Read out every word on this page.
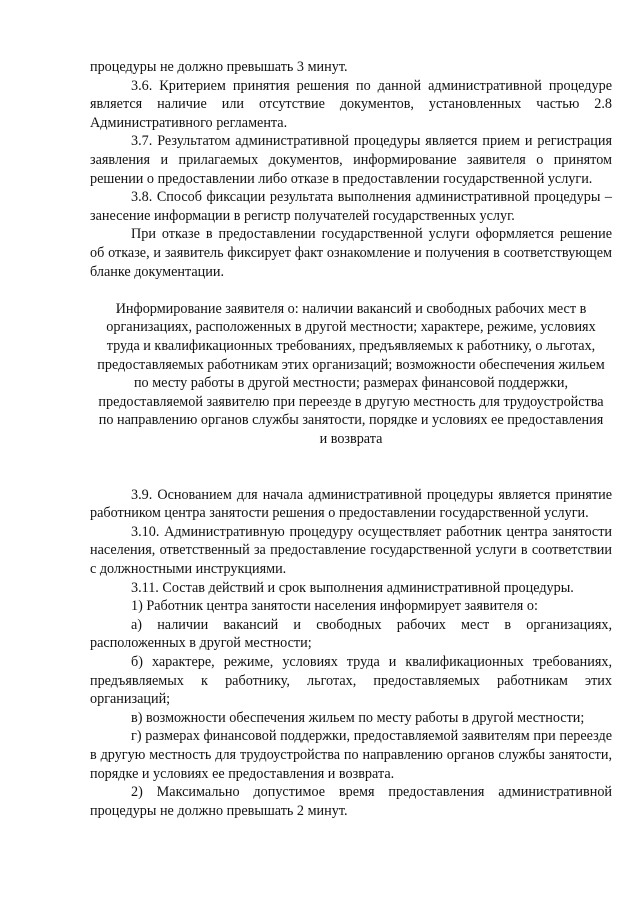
процедуры не должно превышать 3 минут.

3.6. Критерием принятия решения по данной административной процедуре является наличие или отсутствие документов, установленных частью 2.8 Административного регламента.

3.7. Результатом административной процедуры является прием и регистрация заявления и прилагаемых документов, информирование заявителя о принятом решении о предоставлении либо отказе в предоставлении государственной услуги.

3.8. Способ фиксации результата выполнения административной процедуры – занесение информации в регистр получателей государственных услуг.

При отказе в предоставлении государственной услуги оформляется решение об отказе, и заявитель фиксирует факт ознакомление и получения в соответствующем бланке документации.

Информирование заявителя о: наличии вакансий и свободных рабочих мест в организациях, расположенных в другой местности; характере, режиме, условиях труда и квалификационных требованиях, предъявляемых к работнику, о льготах, предоставляемых работникам этих организаций; возможности обеспечения жильем по месту работы в другой местности; размерах финансовой поддержки, предоставляемой заявителю при переезде в другую местность для трудоустройства по направлению органов службы занятости, порядке и условиях ее предоставления и возврата

3.9. Основанием для начала административной процедуры является принятие работником центра занятости решения о предоставлении государственной услуги.

3.10. Административную процедуру осуществляет работник центра занятости населения, ответственный за предоставление государственной услуги в соответствии с должностными инструкциями.

3.11. Состав действий и срок выполнения административной процедуры.

1) Работник центра занятости населения информирует заявителя о:

а) наличии вакансий и свободных рабочих мест в организациях, расположенных в другой местности;

б) характере, режиме, условиях труда и квалификационных требованиях, предъявляемых к работнику, льготах, предоставляемых работникам этих организаций;

в) возможности обеспечения жильем по месту работы в другой местности;

г) размерах финансовой поддержки, предоставляемой заявителям при переезде в другую местность для трудоустройства по направлению органов службы занятости, порядке и условиях ее предоставления и возврата.

2) Максимально допустимое время предоставления административной процедуры не должно превышать 2 минут.
